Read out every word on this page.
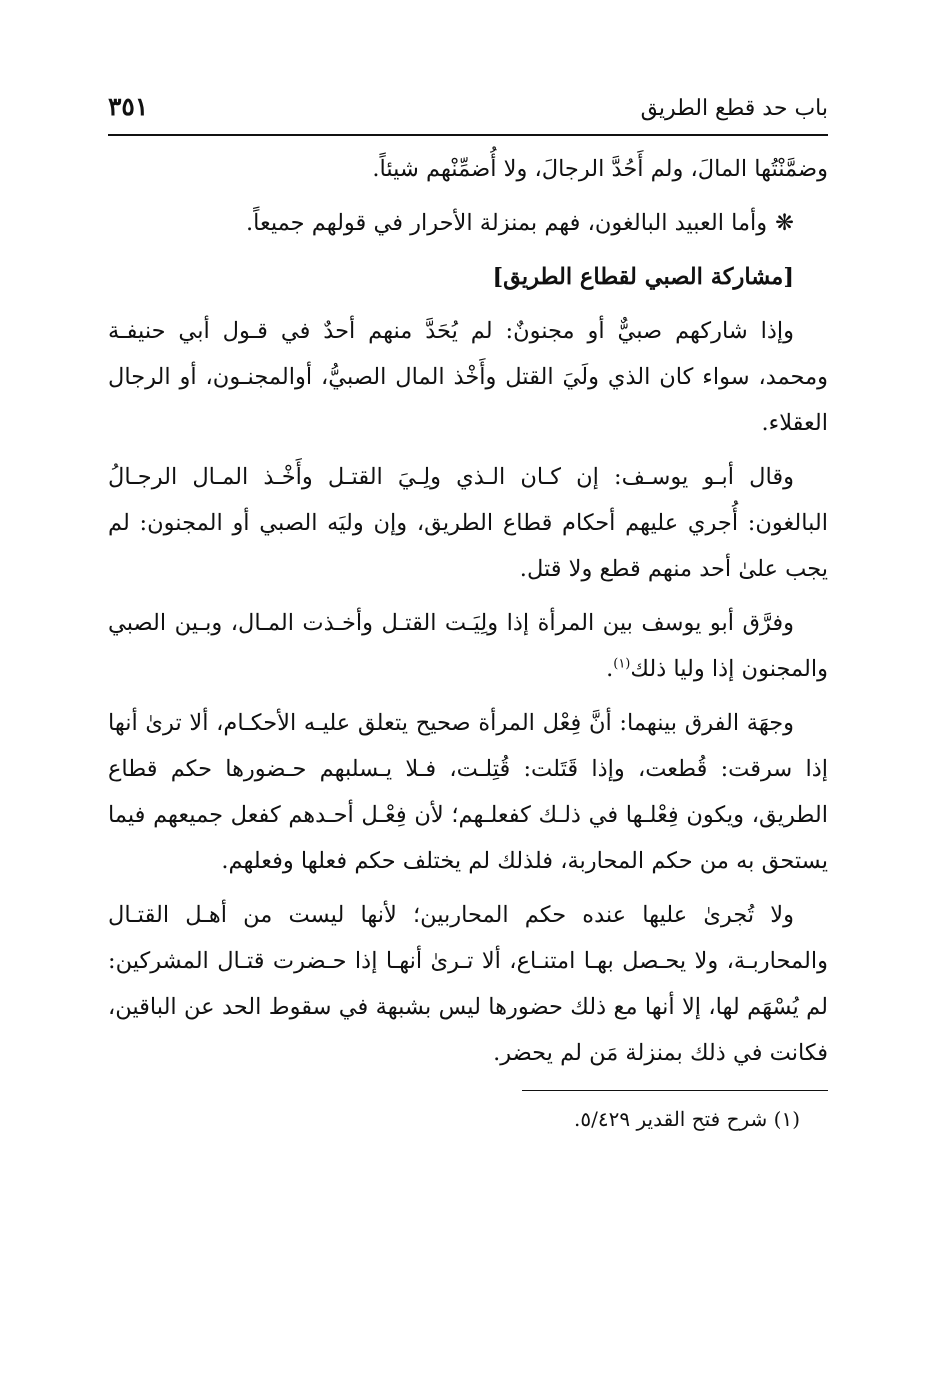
باب حد قطع الطريق
٣٥١

وضمَّنْتُها المالَ، ولم أَحُدَّ الرجالَ، ولا أُضمِّنْهم شيئاً.

❋وأما العبيد البالغون، فهم بمنزلة الأحرار في قولهم جميعاً.

[مشاركة الصبي لقطاع الطريق]

وإذا شاركهم صبيٌّ أو مجنونٌ: لم يُحَدَّ منهم أحدٌ في قـول أبي حنيفـة ومحمد، سواء كان الذي ولَيَ القتل وأَخْذ المال الصبيُّ، أوالمجنـون، أو الرجال العقلاء.

وقال أبـو يوسـف: إن كـان الـذي ولِـيَ القتـل وأَخْـذ المـال الرجـالُ البالغون: أُجري عليهم أحكام قطاع الطريق، وإن وليَه الصبي أو المجنون: لم يجب علىٰ أحد منهم قطع ولا قتل.

وفرَّق أبو يوسف بين المرأة إذا ولِيَـت القتـل وأخـذت المـال، وبـين الصبي والمجنون إذا وليا ذلك$^{(١)}$.

وجهَة الفرق بينهما: أنَّ فِعْل المرأة صحيح يتعلق عليـه الأحكـام، ألا ترىٰ أنها إذا سرقت: قُطعت، وإذا قَتَلت: قُتِلـت، فـلا يـسلبهم حـضورها حكم قطاع الطريق، ويكون فِعْلـها في ذلـك كفعلـهم؛ لأن فِعْـل أحـدهم كفعل جميعهم فيما يستحق به من حكم المحاربة، فلذلك لم يختلف حكم فعلها وفعلهم.

ولا تُجرىٰ عليها عنده حكم المحاربين؛ لأنها ليست من أهـل القتـال والمحاربـة، ولا يحـصل بهـا امتنـاع، ألا تـرىٰ أنهـا إذا حـضرت قتـال المشركين: لم يُسْهَم لها، إلا أنها مع ذلك حضورها ليس بشبهة في سقوط الحد عن الباقين، فكانت في ذلك بمنزلة مَن لم يحضر.

(١) شرح فتح القدير ٥/٤٢٩.
